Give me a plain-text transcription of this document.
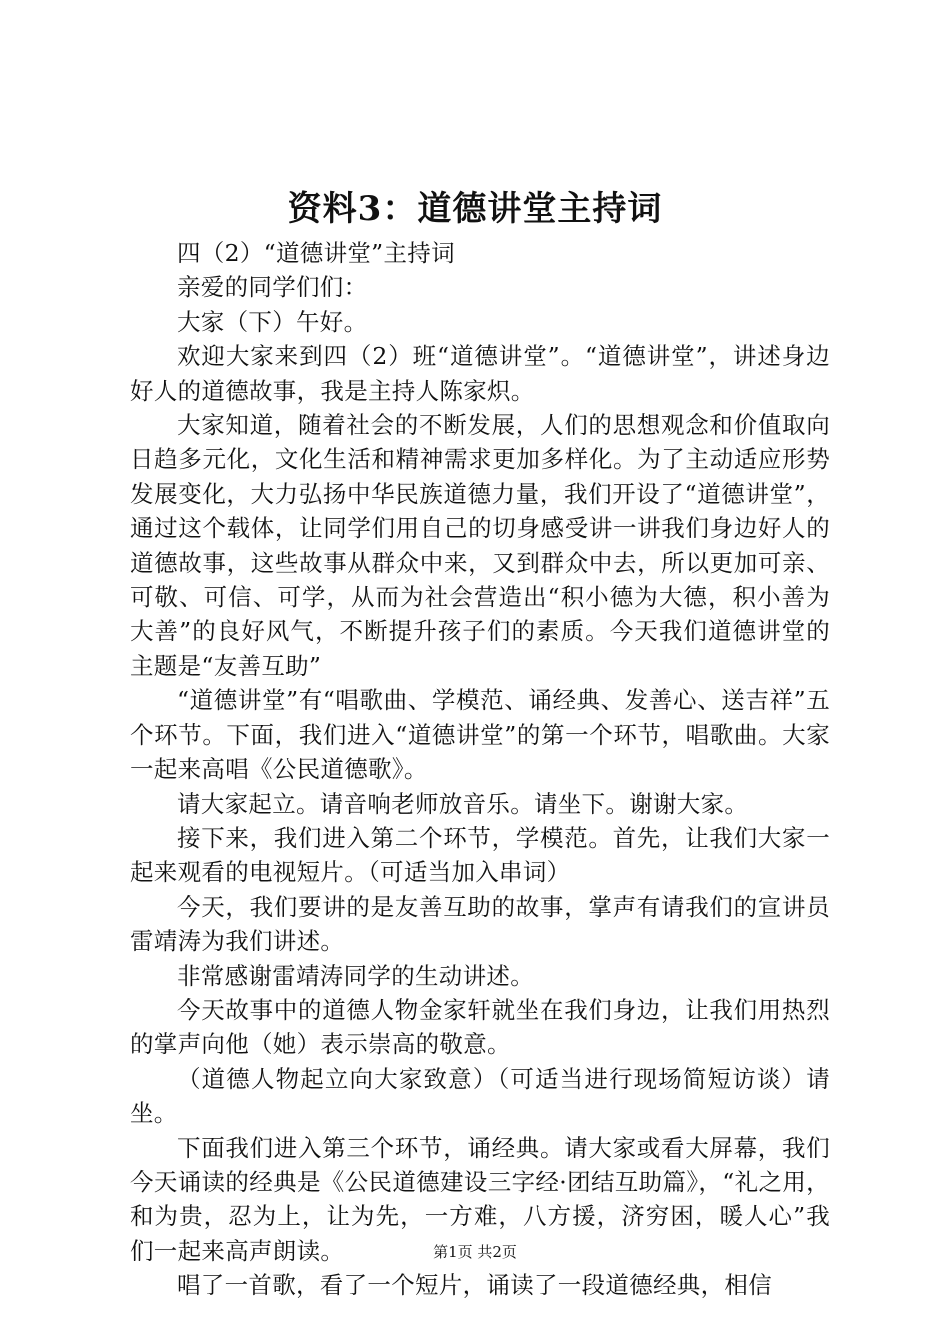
资料3：道德讲堂主持词

四（2）“道德讲堂”主持词

亲爱的同学们们：

大家（下）午好。

欢迎大家来到四（2）班“道德讲堂”。“道德讲堂”，讲述身边好人的道德故事，我是主持人陈家炽。

大家知道，随着社会的不断发展，人们的思想观念和价值取向日趋多元化，文化生活和精神需求更加多样化。为了主动适应形势发展变化，大力弘扬中华民族道德力量，我们开设了“道德讲堂”，通过这个载体，让同学们用自己的切身感受讲一讲我们身边好人的道德故事，这些故事从群众中来，又到群众中去，所以更加可亲、可敬、可信、可学，从而为社会营造出“积小德为大德，积小善为大善”的良好风气，不断提升孩子们的素质。今天我们道德讲堂的主题是“友善互助”

“道德讲堂”有“唱歌曲、学模范、诵经典、发善心、送吉祥”五个环节。下面，我们进入“道德讲堂”的第一个环节，唱歌曲。大家一起来高唱《公民道德歌》。

请大家起立。请音响老师放音乐。请坐下。谢谢大家。

接下来，我们进入第二个环节，学模范。首先，让我们大家一起来观看的电视短片。（可适当加入串词）

今天，我们要讲的是友善互助的故事，掌声有请我们的宣讲员雷靖涛为我们讲述。

非常感谢雷靖涛同学的生动讲述。

今天故事中的道德人物金家轩就坐在我们身边，让我们用热烈的掌声向他（她）表示崇高的敬意。

（道德人物起立向大家致意）（可适当进行现场简短访谈）请坐。

下面我们进入第三个环节，诵经典。请大家或看大屏幕，我们今天诵读的经典是《公民道德建设三字经·团结互助篇》，“礼之用，和为贵，忍为上，让为先，一方难，八方援，济穷困，暖人心”我们一起来高声朗读。

唱了一首歌，看了一个短片，诵读了一段道德经典，相信

第1页 共2页
